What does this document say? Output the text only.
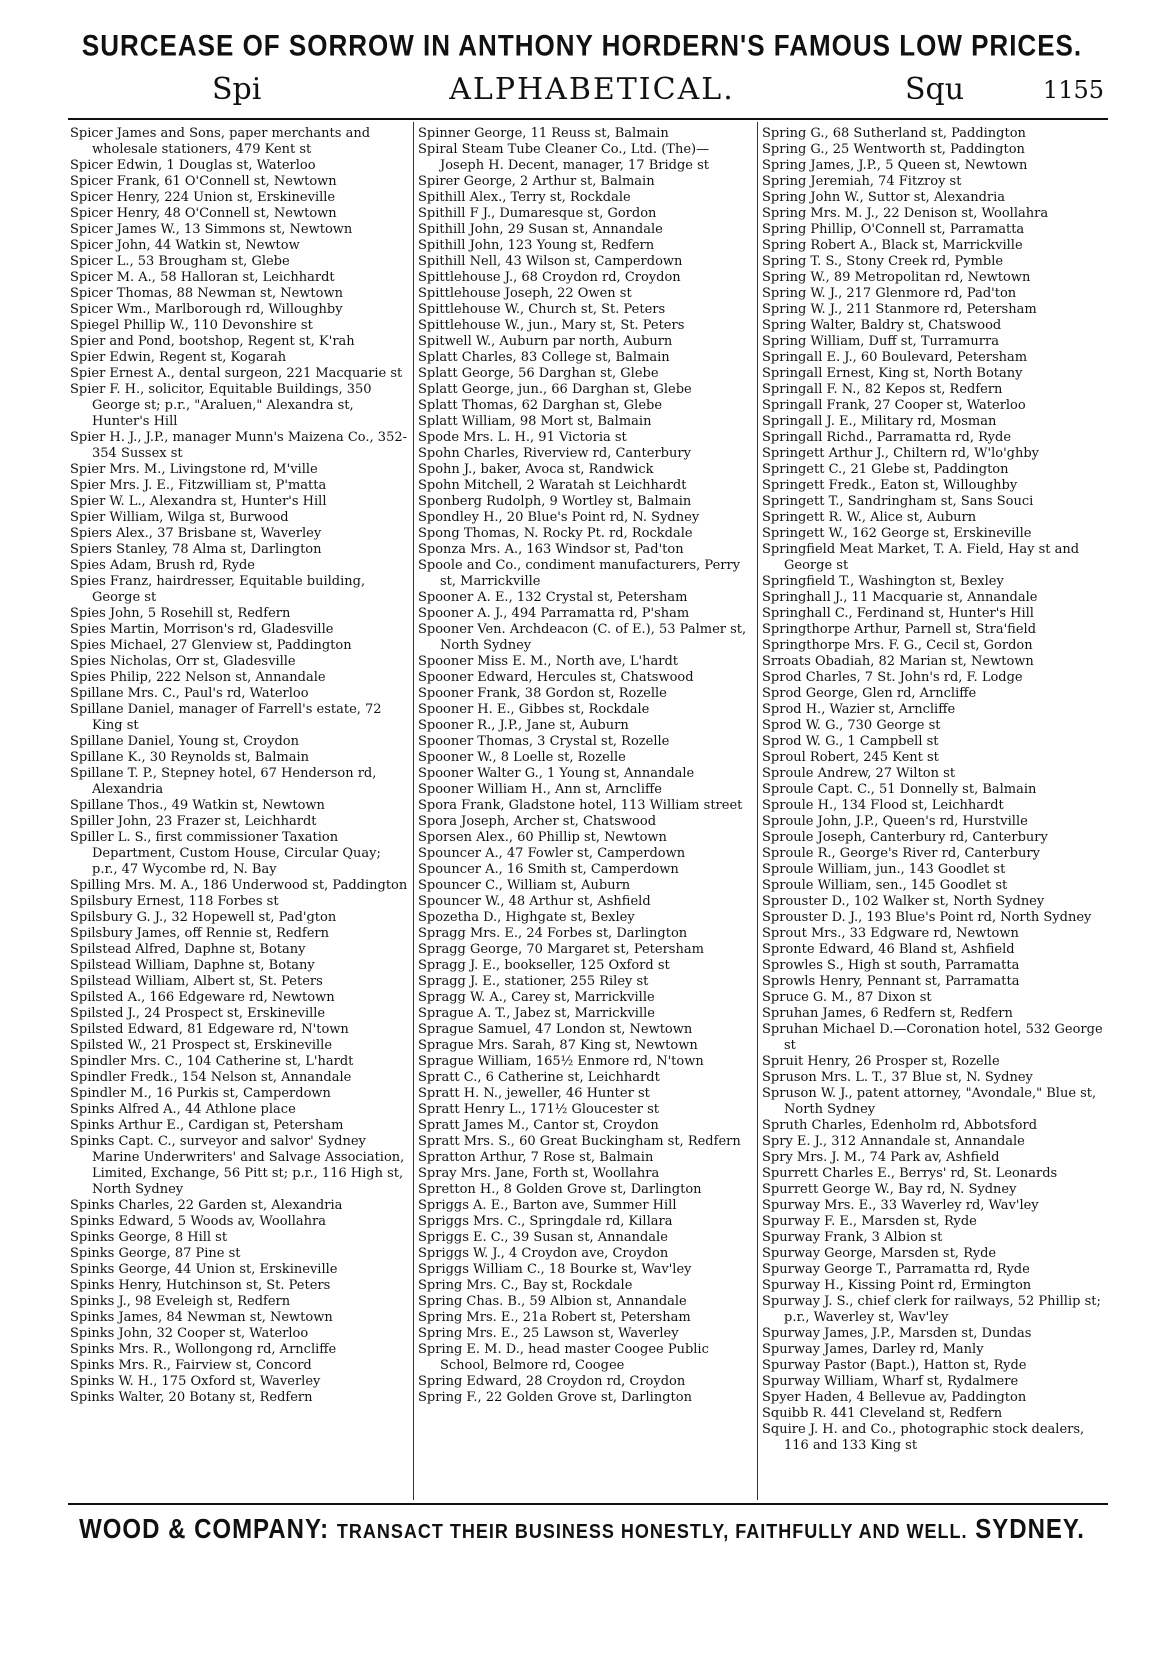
SURCEASE OF SORROW IN ANTHONY HORDERN'S FAMOUS LOW PRICES.
Spi	ALPHABETICAL.	Squ	1155

Spicer James and Sons, paper merchants and wholesale stationers, 479 Kent st

Spicer Edwin, 1 Douglas st, Waterloo

Spicer Frank, 61 O'Connell st, Newtown

Spicer Henry, 224 Union st, Erskineville

Spicer Henry, 48 O'Connell st, Newtown

Spicer James W., 13 Simmons st, Newtown

Spicer John, 44 Watkin st, Newtow

Spicer L., 53 Brougham st, Glebe

Spicer M. A., 58 Halloran st, Leichhardt

Spicer Thomas, 88 Newman st, Newtown

Spicer Wm., Marlborough rd, Willoughby

Spiegel Phillip W., 110 Devonshire st

Spier and Pond, bootshop, Regent st, K'rah

Spier Edwin, Regent st, Kogarah

Spier Ernest A., dental surgeon, 221 Macquarie st

Spier F. H., solicitor, Equitable Buildings, 350 George st; p.r., "Araluen," Alexandra st, Hunter's Hill

Spier H. J., J.P., manager Munn's Maizena Co., 352-354 Sussex st

Spier Mrs. M., Livingstone rd, M'ville

Spier Mrs. J. E., Fitzwilliam st, P'matta

Spier W. L., Alexandra st, Hunter's Hill

Spier William, Wilga st, Burwood

Spiers Alex., 37 Brisbane st, Waverley

Spiers Stanley, 78 Alma st, Darlington

Spies Adam, Brush rd, Ryde

Spies Franz, hairdresser, Equitable building, George st

Spies John, 5 Rosehill st, Redfern

Spies Martin, Morrison's rd, Gladesville

Spies Michael, 27 Glenview st, Paddington

Spies Nicholas, Orr st, Gladesville

Spies Philip, 222 Nelson st, Annandale

Spillane Mrs. C., Paul's rd, Waterloo

Spillane Daniel, manager of Farrell's estate, 72 King st

Spillane Daniel, Young st, Croydon

Spillane K., 30 Reynolds st, Balmain

Spillane T. P., Stepney hotel, 67 Henderson rd, Alexandria

Spillane Thos., 49 Watkin st, Newtown

Spiller John, 23 Frazer st, Leichhardt

Spiller L. S., first commissioner Taxation Department, Custom House, Circular Quay; p.r., 47 Wycombe rd, N. Bay

Spilling Mrs. M. A., 186 Underwood st, Paddington

Spilsbury Ernest, 118 Forbes st

Spilsbury G. J., 32 Hopewell st, Pad'gton

Spilsbury James, off Rennie st, Redfern

Spilstead Alfred, Daphne st, Botany

Spilstead William, Daphne st, Botany

Spilstead William, Albert st, St. Peters

Spilsted A., 166 Edgeware rd, Newtown

Spilsted J., 24 Prospect st, Erskineville

Spilsted Edward, 81 Edgeware rd, N'town

Spilsted W., 21 Prospect st, Erskineville

Spindler Mrs. C., 104 Catherine st, L'hardt

Spindler Fredk., 154 Nelson st, Annandale

Spindler M., 16 Purkis st, Camperdown

Spinks Alfred A., 44 Athlone place

Spinks Arthur E., Cardigan st, Petersham

Spinks Capt. C., surveyor and salvor' Sydney Marine Underwriters' and Salvage Association, Limited, Exchange, 56 Pitt st; p.r., 116 High st, North Sydney

Spinks Charles, 22 Garden st, Alexandria

Spinks Edward, 5 Woods av, Woollahra

Spinks George, 8 Hill st

Spinks George, 87 Pine st

Spinks George, 44 Union st, Erskineville

Spinks Henry, Hutchinson st, St. Peters

Spinks J., 98 Eveleigh st, Redfern

Spinks James, 84 Newman st, Newtown

Spinks John, 32 Cooper st, Waterloo

Spinks Mrs. R., Wollongong rd, Arncliffe

Spinks Mrs. R., Fairview st, Concord

Spinks W. H., 175 Oxford st, Waverley

Spinks Walter, 20 Botany st, Redfern

Spinner George, 11 Reuss st, Balmain

Spiral Steam Tube Cleaner Co., Ltd. (The)—Joseph H. Decent, manager, 17 Bridge st

Spirer George, 2 Arthur st, Balmain

Spithill Alex., Terry st, Rockdale

Spithill F J., Dumaresque st, Gordon

Spithill John, 29 Susan st, Annandale

Spithill John, 123 Young st, Redfern

Spithill Nell, 43 Wilson st, Camperdown

Spittlehouse J., 68 Croydon rd, Croydon

Spittlehouse Joseph, 22 Owen st

Spittlehouse W., Church st, St. Peters

Spittlehouse W., jun., Mary st, St. Peters

Spitwell W., Auburn par north, Auburn

Splatt Charles, 83 College st, Balmain

Splatt George, 56 Darghan st, Glebe

Splatt George, jun., 66 Darghan st, Glebe

Splatt Thomas, 62 Darghan st, Glebe

Splatt William, 98 Mort st, Balmain

Spode Mrs. L. H., 91 Victoria st

Spohn Charles, Riverview rd, Canterbury

Spohn J., baker, Avoca st, Randwick

Spohn Mitchell, 2 Waratah st Leichhardt

Sponberg Rudolph, 9 Wortley st, Balmain

Spondley H., 20 Blue's Point rd, N. Sydney

Spong Thomas, N. Rocky Pt. rd, Rockdale

Sponza Mrs. A., 163 Windsor st, Pad'ton

Spoole and Co., condiment manufacturers, Perry st, Marrickville

Spooner A. E., 132 Crystal st, Petersham

Spooner A. J., 494 Parramatta rd, P'sham

Spooner Ven. Archdeacon (C. of E.), 53 Palmer st, North Sydney

Spooner Miss E. M., North ave, L'hardt

Spooner Edward, Hercules st, Chatswood

Spooner Frank, 38 Gordon st, Rozelle

Spooner H. E., Gibbes st, Rockdale

Spooner R., J.P., Jane st, Auburn

Spooner Thomas, 3 Crystal st, Rozelle

Spooner W., 8 Loelle st, Rozelle

Spooner Walter G., 1 Young st, Annandale

Spooner William H., Ann st, Arncliffe

Spora Frank, Gladstone hotel, 113 William street

Spora Joseph, Archer st, Chatswood

Sporsen Alex., 60 Phillip st, Newtown

Spouncer A., 47 Fowler st, Camperdown

Spouncer A., 16 Smith st, Camperdown

Spouncer C., William st, Auburn

Spouncer W., 48 Arthur st, Ashfield

Spozetha D., Highgate st, Bexley

Spragg Mrs. E., 24 Forbes st, Darlington

Spragg George, 70 Margaret st, Petersham

Spragg J. E., bookseller, 125 Oxford st

Spragg J. E., stationer, 255 Riley st

Spragg W. A., Carey st, Marrickville

Sprague A. T., Jabez st, Marrickville

Sprague Samuel, 47 London st, Newtown

Sprague Mrs. Sarah, 87 King st, Newtown

Sprague William, 165½ Enmore rd, N'town

Spratt C., 6 Catherine st, Leichhardt

Spratt H. N., jeweller, 46 Hunter st

Spratt Henry L., 171½ Gloucester st

Spratt James M., Cantor st, Croydon

Spratt Mrs. S., 60 Great Buckingham st, Redfern

Spratton Arthur, 7 Rose st, Balmain

Spray Mrs. Jane, Forth st, Woollahra

Spretton H., 8 Golden Grove st, Darlington

Spriggs A. E., Barton ave, Summer Hill

Spriggs Mrs. C., Springdale rd, Killara

Spriggs E. C., 39 Susan st, Annandale

Spriggs W. J., 4 Croydon ave, Croydon

Spriggs William C., 18 Bourke st, Wav'ley

Spring Mrs. C., Bay st, Rockdale

Spring Chas. B., 59 Albion st, Annandale

Spring Mrs. E., 21a Robert st, Petersham

Spring Mrs. E., 25 Lawson st, Waverley

Spring E. M. D., head master Coogee Public School, Belmore rd, Coogee

Spring Edward, 28 Croydon rd, Croydon

Spring F., 22 Golden Grove st, Darlington

Spring G., 68 Sutherland st, Paddington

Spring G., 25 Wentworth st, Paddington

Spring James, J.P., 5 Queen st, Newtown

Spring Jeremiah, 74 Fitzroy st

Spring John W., Suttor st, Alexandria

Spring Mrs. M. J., 22 Denison st, Woollahra

Spring Phillip, O'Connell st, Parramatta

Spring Robert A., Black st, Marrickville

Spring T. S., Stony Creek rd, Pymble

Spring W., 89 Metropolitan rd, Newtown

Spring W. J., 217 Glenmore rd, Pad'ton

Spring W. J., 211 Stanmore rd, Petersham

Spring Walter, Baldry st, Chatswood

Spring William, Duff st, Turramurra

Springall E. J., 60 Boulevard, Petersham

Springall Ernest, King st, North Botany

Springall F. N., 82 Kepos st, Redfern

Springall Frank, 27 Cooper st, Waterloo

Springall J. E., Military rd, Mosman

Springall Richd., Parramatta rd, Ryde

Springett Arthur J., Chiltern rd, W'lo'ghby

Springett C., 21 Glebe st, Paddington

Springett Fredk., Eaton st, Willoughby

Springett T., Sandringham st, Sans Souci

Springett R. W., Alice st, Auburn

Springett W., 162 George st, Erskineville

Springfield Meat Market, T. A. Field, Hay st and George st

Springfield T., Washington st, Bexley

Springhall J., 11 Macquarie st, Annandale

Springhall C., Ferdinand st, Hunter's Hill

Springthorpe Arthur, Parnell st, Stra'field

Springthorpe Mrs. F. G., Cecil st, Gordon

Srroats Obadiah, 82 Marian st, Newtown

Sprod Charles, 7 St. John's rd, F. Lodge

Sprod George, Glen rd, Arncliffe

Sprod H., Wazier st, Arncliffe

Sprod W. G., 730 George st

Sprod W. G., 1 Campbell st

Sproul Robert, 245 Kent st

Sproule Andrew, 27 Wilton st

Sproule Capt. C., 51 Donnelly st, Balmain

Sproule H., 134 Flood st, Leichhardt

Sproule John, J.P., Queen's rd, Hurstville

Sproule Joseph, Canterbury rd, Canterbury

Sproule R., George's River rd, Canterbury

Sproule William, jun., 143 Goodlet st

Sproule William, sen., 145 Goodlet st

Sprouster D., 102 Walker st, North Sydney

Sprouster D. J., 193 Blue's Point rd, North Sydney

Sprout Mrs., 33 Edgware rd, Newtown

Spronte Edward, 46 Bland st, Ashfield

Sprowles S., High st south, Parramatta

Sprowls Henry, Pennant st, Parramatta

Spruce G. M., 87 Dixon st

Spruhan James, 6 Redfern st, Redfern

Spruhan Michael D.—Coronation hotel, 532 George st

Spruit Henry, 26 Prosper st, Rozelle

Spruson Mrs. L. T., 37 Blue st, N. Sydney

Spruson W. J., patent attorney, "Avondale," Blue st, North Sydney

Spruth Charles, Edenholm rd, Abbotsford

Spry E. J., 312 Annandale st, Annandale

Spry Mrs. J. M., 74 Park av, Ashfield

Spurrett Charles E., Berrys' rd, St. Leonards

Spurrett George W., Bay rd, N. Sydney

Spurway Mrs. E., 33 Waverley rd, Wav'ley

Spurway F. E., Marsden st, Ryde

Spurway Frank, 3 Albion st

Spurway George, Marsden st, Ryde

Spurway George T., Parramatta rd, Ryde

Spurway H., Kissing Point rd, Ermington

Spurway J. S., chief clerk for railways, 52 Phillip st; p.r., Waverley st, Wav'ley

Spurway James, J.P., Marsden st, Dundas

Spurway James, Darley rd, Manly

Spurway Pastor (Bapt.), Hatton st, Ryde

Spurway William, Wharf st, Rydalmere

Spyer Haden, 4 Bellevue av, Paddington

Squibb R. 441 Cleveland st, Redfern

Squire J. H. and Co., photographic stock dealers, 116 and 133 King st

WOOD & COMPANY: TRANSACT THEIR BUSINESS HONESTLY, FAITHFULLY AND WELL. SYDNEY.
